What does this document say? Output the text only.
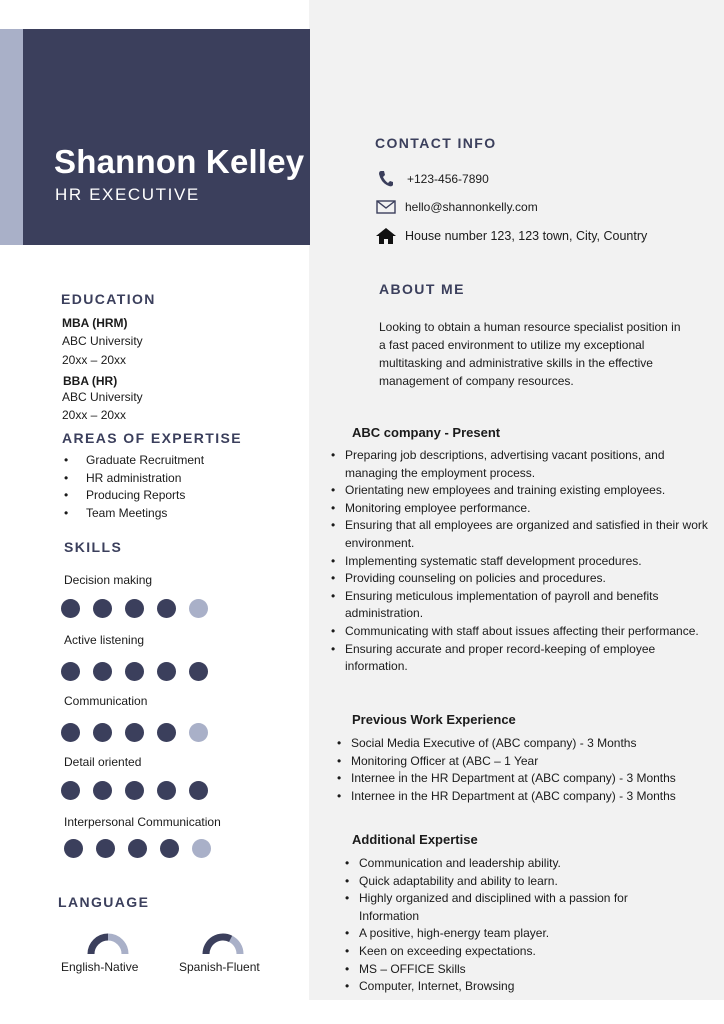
Shannon Kelley
HR EXECUTIVE
CONTACT INFO
+123-456-7890
hello@shannonkelly.com
House number 123, 123 town, City, Country
ABOUT ME

Looking to obtain a human resource specialist position in a fast paced environment to utilize my exceptional multitasking and administrative skills in the effective management of company resources.

EDUCATION
MBA (HRM)
ABC University
20xx – 20xx
BBA (HR)
ABC University
20xx – 20xx
AREAS OF EXPERTISE
• Graduate Recruitment
• HR administration
• Producing Reports
• Team Meetings
SKILLS
Decision making
Active listening
Communication
Detail oriented
Interpersonal Communication
LANGUAGE
English-Native	Spanish-Fluent
ABC company - Present
• Preparing job descriptions, advertising vacant positions, and managing the employment process.
• Orientating new employees and training existing employees.
• Monitoring employee performance.
• Ensuring that all employees are organized and satisfied in their work environment.
• Implementing systematic staff development procedures.
• Providing counseling on policies and procedures.
• Ensuring meticulous implementation of payroll and benefits administration.
• Communicating with staff about issues affecting their performance.
• Ensuring accurate and proper record-keeping of employee information.
Previous Work Experience
• Social Media Executive of (ABC company) - 3 Months
• Monitoring Officer at (ABC – 1 Year
• Internee i̇n the HR Department at (ABC company) - 3 Months
• Internee in the HR Department at (ABC company) - 3 Months
Additional Expertise
• Communication and leadership ability.
• Quick adaptability and ability to learn.
• Highly organized and disciplined with a passion for Information
• A positive, high-energy team player.
• Keen on exceeding expectations.
• MS – OFFICE Skills
• Computer, Internet, Browsing
